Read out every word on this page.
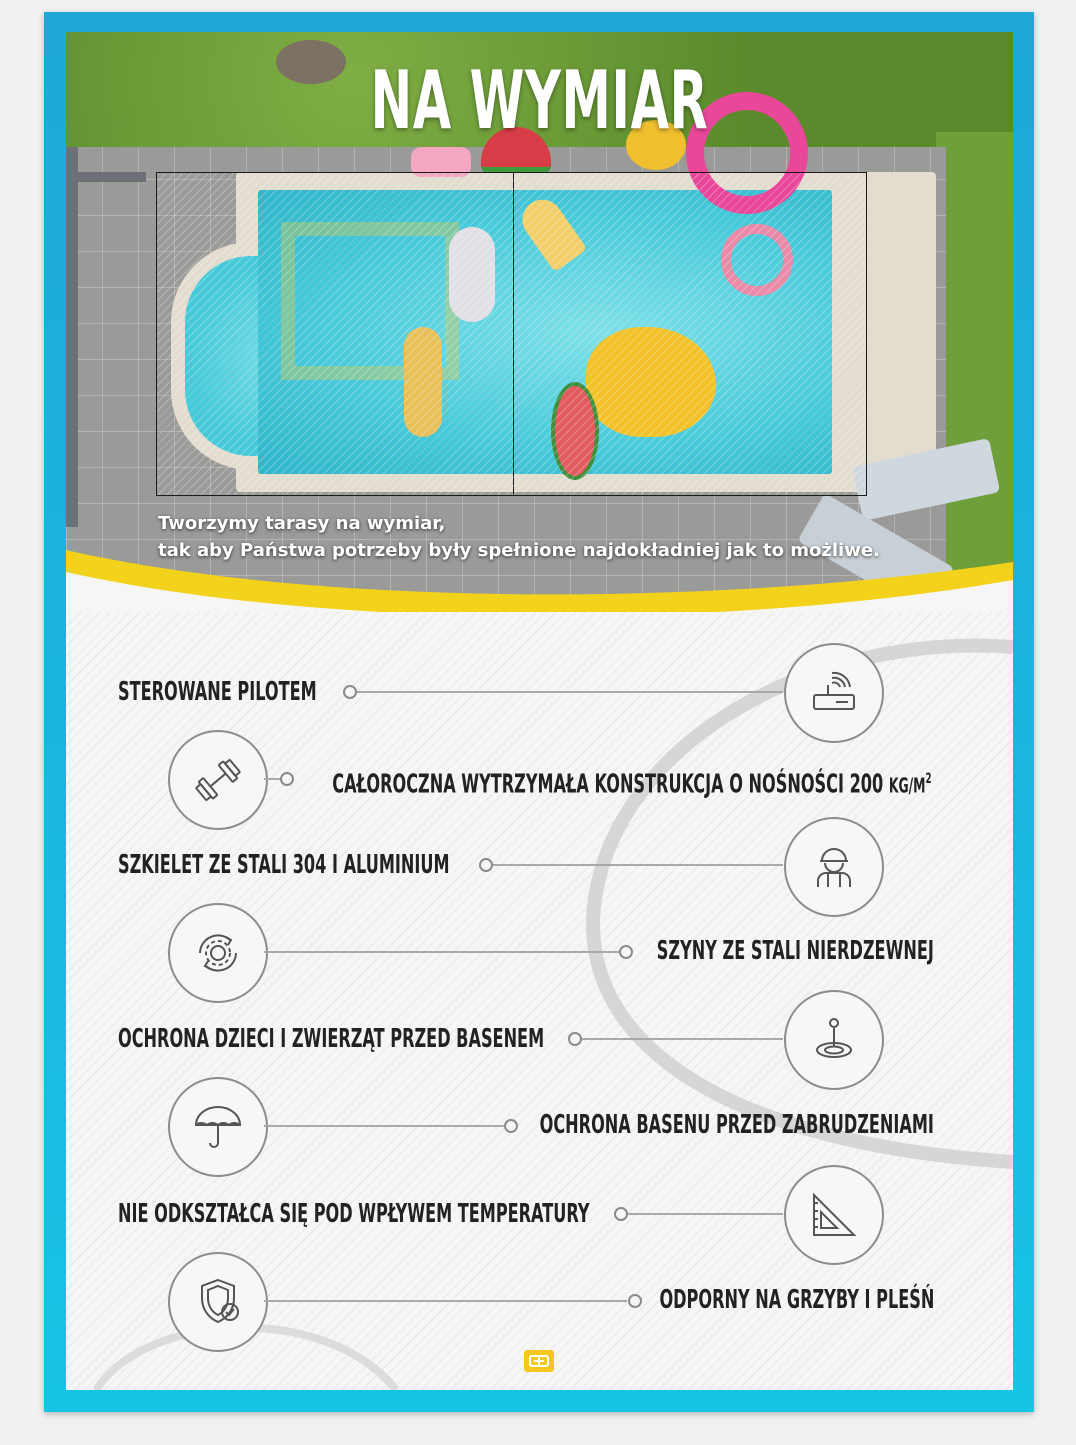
NA WYMIAR
Tworzymy tarasy na wymiar,
tak aby Państwa potrzeby były spełnione najdokładniej jak to możliwe.
STEROWANE PILOTEM
CAŁOROCZNA WYTRZYMAŁA KONSTRUKCJA O NOŚNOŚCI 200 $KG/M^2$
SZKIELET ZE STALI 304 I ALUMINIUM
SZYNY ZE STALI NIERDZEWNEJ
OCHRONA DZIECI I ZWIERZĄT PRZED BASENEM
OCHRONA BASENU PRZED ZABRUDZENIAMI
NIE ODKSZTAŁCA SIĘ POD WPŁYWEM TEMPERATURY
ODPORNY NA GRZYBY I PLEŚŃ
